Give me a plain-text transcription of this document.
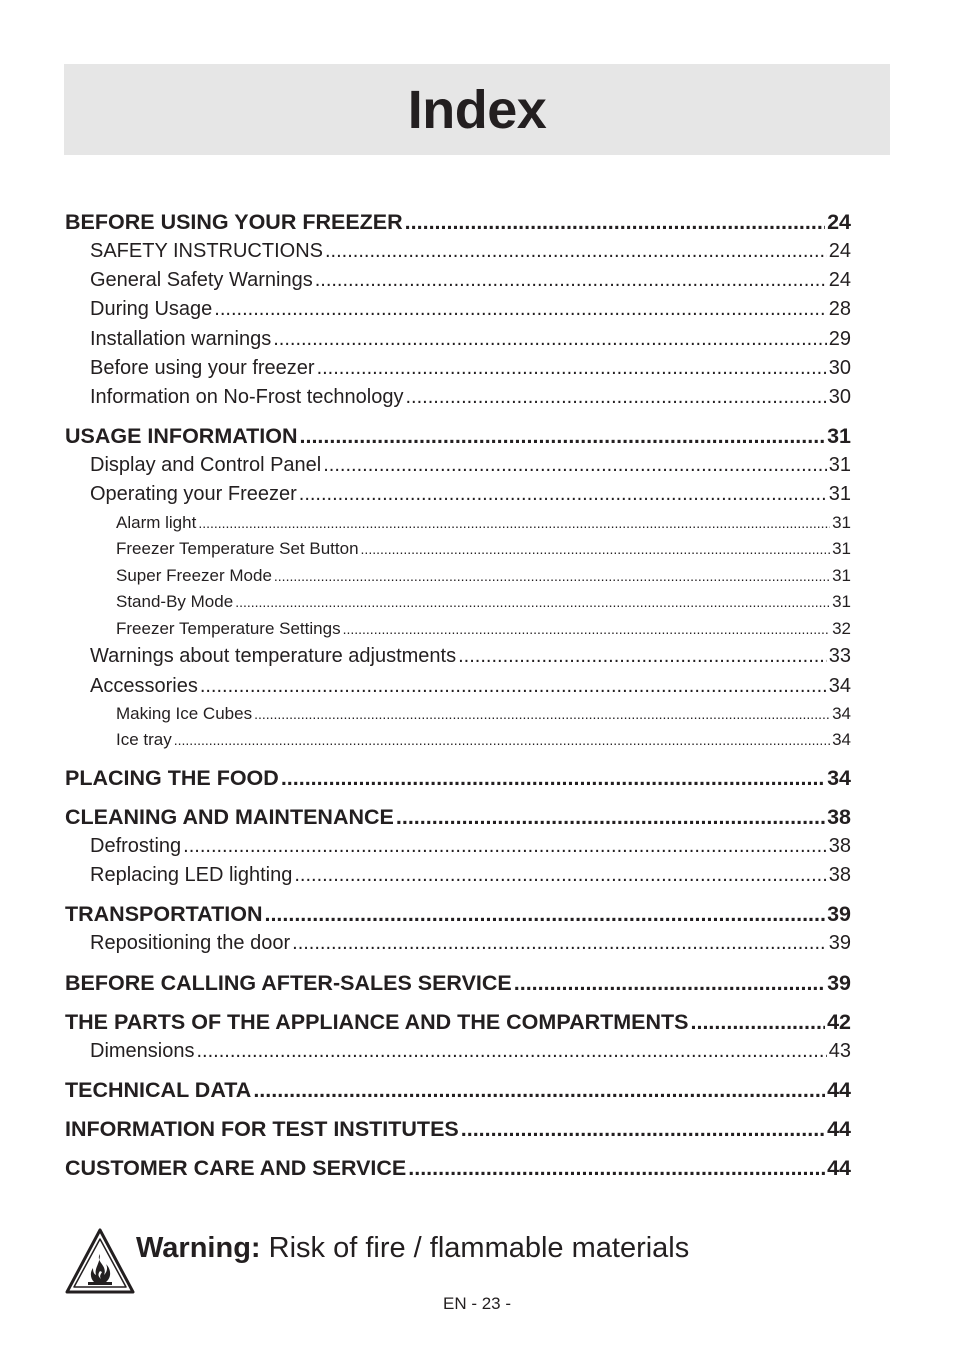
Index
BEFORE USING YOUR FREEZER .....	24
SAFETY INSTRUCTIONS .....	24
General Safety Warnings .....	24
During Usage .....	28
Installation warnings .....	29
Before using your freezer .....	30
Information on No-Frost technology .....	30
USAGE INFORMATION .....	31
Display and Control Panel .....	31
Operating your Freezer .....	31
Alarm light .....	31
Freezer Temperature Set Button .....	31
Super Freezer Mode .....	31
Stand-By Mode .....	31
Freezer Temperature Settings .....	32
Warnings about temperature adjustments .....	33
Accessories .....	34
Making Ice Cubes .....	34
Ice tray .....	34
PLACING THE FOOD .....	34
CLEANING AND MAINTENANCE .....	38
Defrosting .....	38
Replacing LED lighting .....	38
TRANSPORTATION .....	39
Repositioning the door .....	39
BEFORE CALLING AFTER-SALES SERVICE .....	39
THE PARTS OF THE APPLIANCE AND THE COMPARTMENTS .....	42
Dimensions .....	43
TECHNICAL DATA .....	44
INFORMATION FOR TEST INSTITUTES .....	44
CUSTOMER CARE AND SERVICE .....	44
Warning: Risk of fire / flammable materials
EN - 23 -
